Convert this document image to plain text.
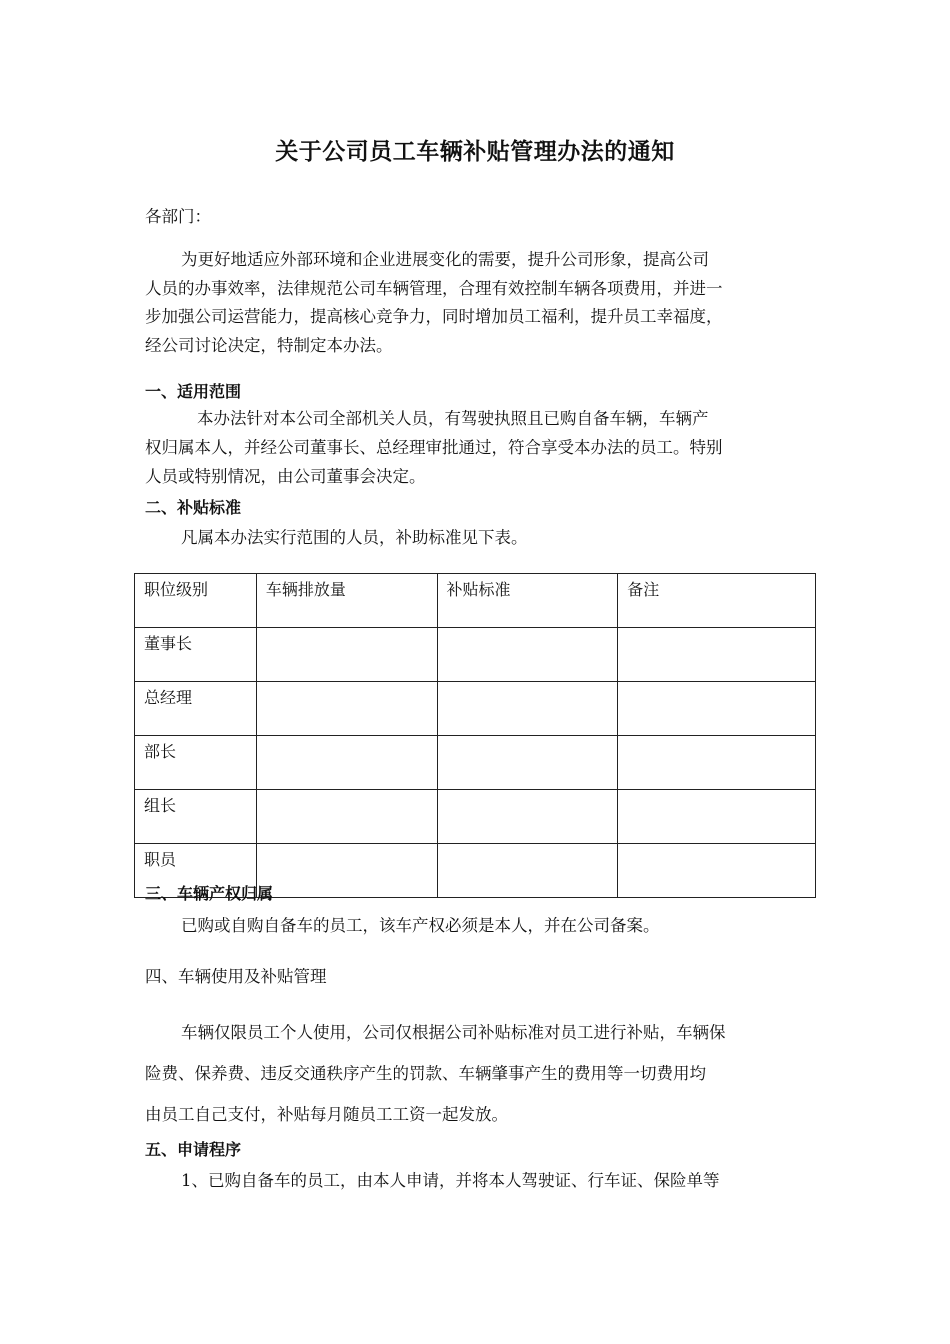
关于公司员工车辆补贴管理办法的通知
各部门：
为更好地适应外部环境和企业进展变化的需要，提升公司形象，提高公司
人员的办事效率，法律规范公司车辆管理，合理有效控制车辆各项费用，并进一
步加强公司运营能力，提高核心竞争力，同时增加员工福利，提升员工幸福度，
经公司讨论决定，特制定本办法。
一、适用范围
本办法针对本公司全部机关人员，有驾驶执照且已购自备车辆，车辆产
权归属本人，并经公司董事长、总经理审批通过，符合享受本办法的员工。特别
人员或特别情况，由公司董事会决定。
二、补贴标准
凡属本办法实行范围的人员，补助标准见下表。
职位级别	车辆排放量	补贴标准	备注
董事长			
总经理			
部长			
组长			
职员			
三、车辆产权归属
已购或自购自备车的员工，该车产权必须是本人，并在公司备案。
四、车辆使用及补贴管理
车辆仅限员工个人使用，公司仅根据公司补贴标准对员工进行补贴，车辆保
险费、保养费、违反交通秩序产生的罚款、车辆肇事产生的费用等一切费用均
由员工自己支付，补贴每月随员工工资一起发放。
五、申请程序
1、已购自备车的员工，由本人申请，并将本人驾驶证、行车证、保险单等
